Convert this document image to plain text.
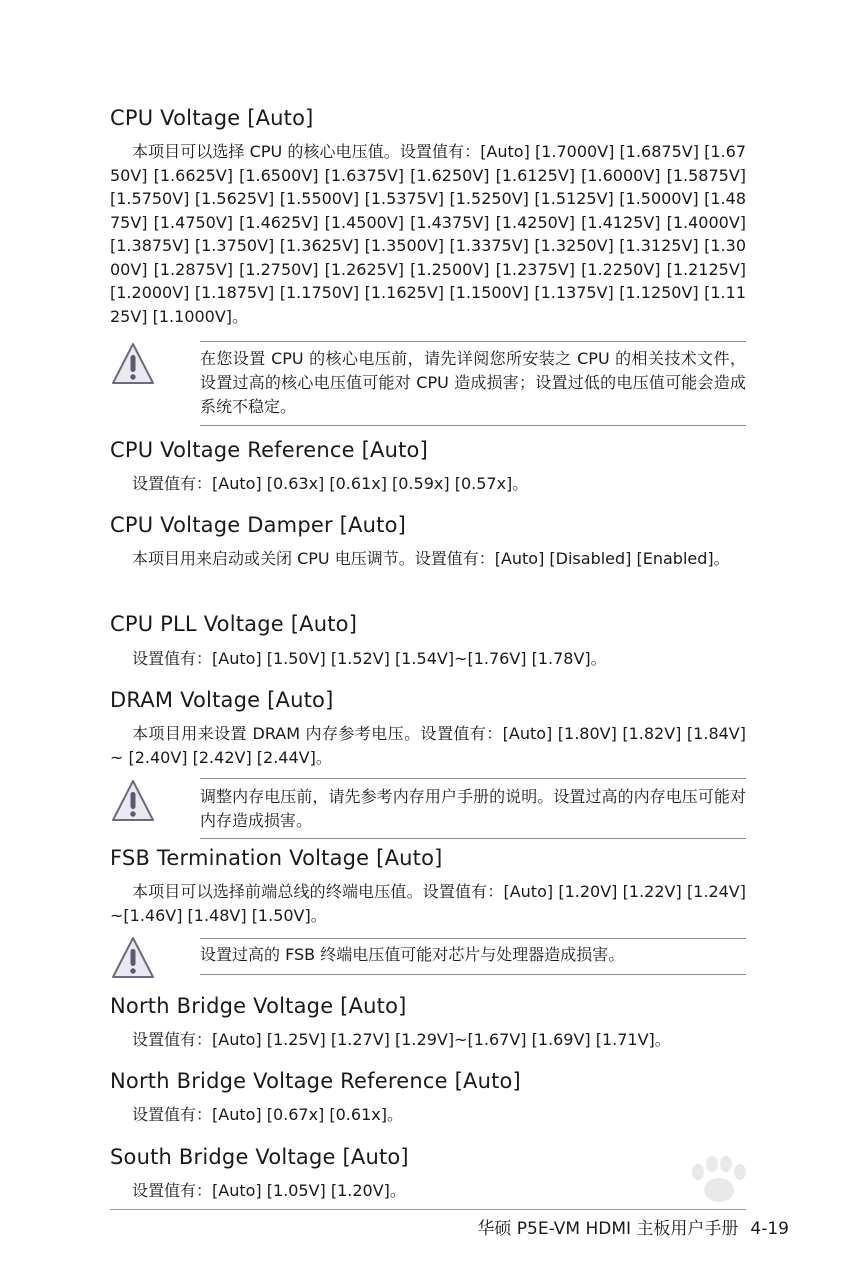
CPU Voltage [Auto]
本项目可以选择 CPU 的核心电压值。设置值有：[Auto] [1.7000V] [1.6875V] [1.6750V] [1.6625V] [1.6500V] [1.6375V] [1.6250V] [1.6125V] [1.6000V] [1.5875V] [1.5750V] [1.5625V] [1.5500V] [1.5375V] [1.5250V] [1.5125V] [1.5000V] [1.4875V] [1.4750V] [1.4625V] [1.4500V] [1.4375V] [1.4250V] [1.4125V] [1.4000V] [1.3875V] [1.3750V] [1.3625V] [1.3500V] [1.3375V] [1.3250V] [1.3125V] [1.3000V] [1.2875V] [1.2750V] [1.2625V] [1.2500V] [1.2375V] [1.2250V] [1.2125V] [1.2000V] [1.1875V] [1.1750V] [1.1625V] [1.1500V] [1.1375V] [1.1250V] [1.1125V] [1.1000V]。
在您设置 CPU 的核心电压前，请先详阅您所安装之 CPU 的相关技术文件，设置过高的核心电压值可能对 CPU 造成损害；设置过低的电压值可能会造成系统不稳定。
CPU Voltage Reference [Auto]
设置值有：[Auto] [0.63x] [0.61x] [0.59x] [0.57x]。
CPU Voltage Damper [Auto]
本项目用来启动或关闭 CPU 电压调节。设置值有：[Auto] [Disabled] [Enabled]。
CPU PLL Voltage [Auto]
设置值有：[Auto] [1.50V] [1.52V] [1.54V]~[1.76V] [1.78V]。
DRAM Voltage [Auto]
本项目用来设置 DRAM 内存参考电压。设置值有：[Auto] [1.80V] [1.82V] [1.84V] ~ [2.40V] [2.42V] [2.44V]。
调整内存电压前，请先参考内存用户手册的说明。设置过高的内存电压可能对内存造成损害。
FSB Termination Voltage [Auto]
本项目可以选择前端总线的终端电压值。设置值有：[Auto] [1.20V] [1.22V] [1.24V]~[1.46V] [1.48V] [1.50V]。
设置过高的 FSB 终端电压值可能对芯片与处理器造成损害。
North Bridge Voltage [Auto]
设置值有：[Auto] [1.25V] [1.27V] [1.29V]~[1.67V] [1.69V] [1.71V]。
North Bridge Voltage Reference [Auto]
设置值有：[Auto] [0.67x] [0.61x]。
South Bridge Voltage [Auto]
设置值有：[Auto] [1.05V] [1.20V]。
华硕 P5E-VM HDMI 主板用户手册 4-19
